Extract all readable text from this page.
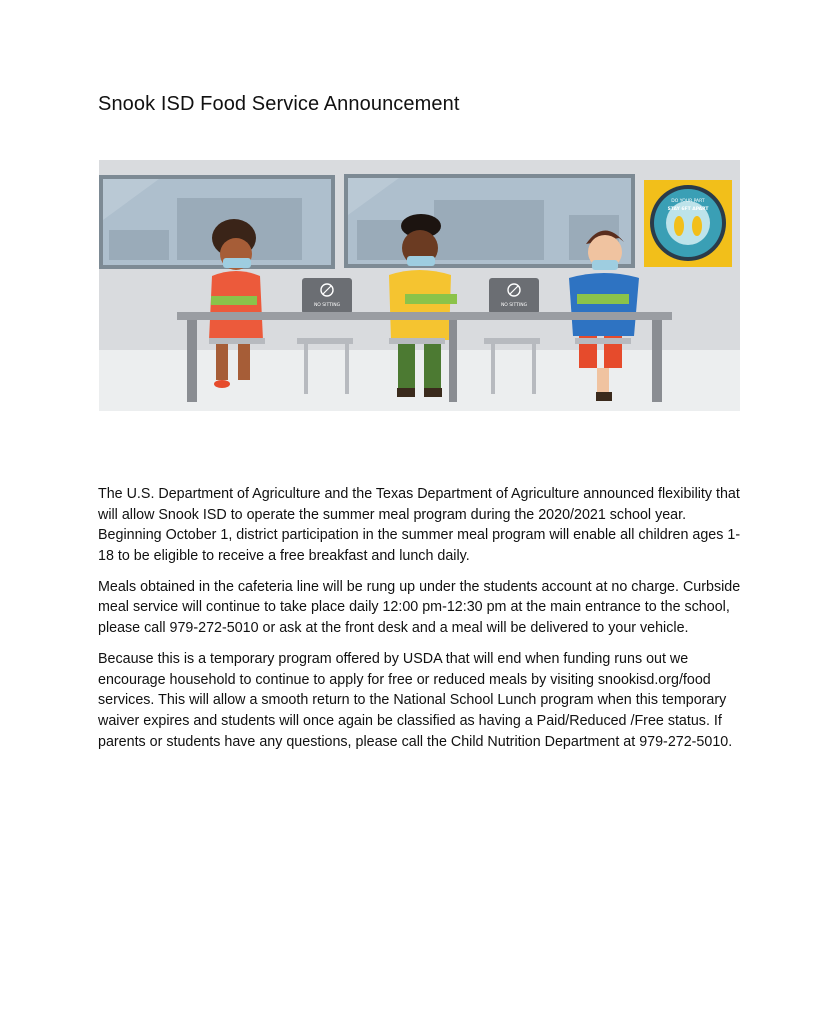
Snook ISD Food Service Announcement
DO YOUR PART
STAY 6FT APART
NO SITTING	NO SITTING

The U.S. Department of Agriculture and the Texas Department of Agriculture announced flexibility that will allow Snook ISD to operate the summer meal program during the 2020/2021 school year. Beginning October 1, district participation in the summer meal program will enable all children ages 1-18 to be eligible to receive a free breakfast and lunch daily.

Meals obtained in the cafeteria line will be rung up under the students account at no charge. Curbside meal service will continue to take place daily 12:00 pm-12:30 pm at the main entrance to the school, please call 979-272-5010 or ask at the front desk and a meal will be delivered to your vehicle.

Because this is a temporary program offered by USDA that will end when funding runs out we encourage household to continue to apply for free or reduced meals by visiting snookisd.org/food services. This will allow a smooth return to the National School Lunch program when this temporary waiver expires and students will once again be classified as having a Paid/Reduced /Free status. If parents or students have any questions, please call the Child Nutrition Department at 979-272-5010.
